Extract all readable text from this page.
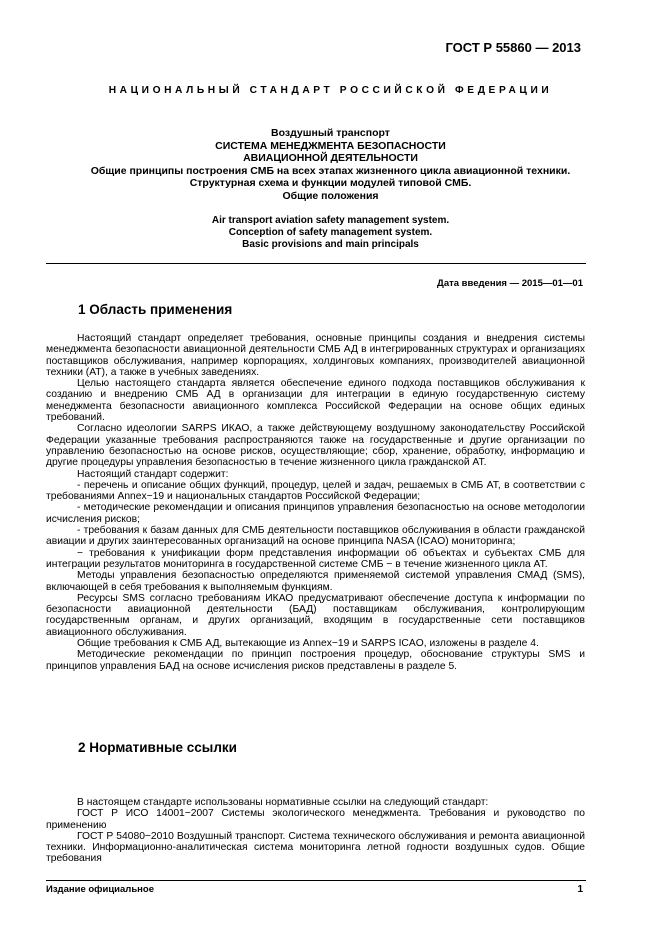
ГОСТ Р 55860 — 2013
НАЦИОНАЛЬНЫЙ СТАНДАРТ РОССИЙСКОЙ ФЕДЕРАЦИИ
Воздушный транспорт
СИСТЕМА МЕНЕДЖМЕНТА БЕЗОПАСНОСТИ
АВИАЦИОННОЙ ДЕЯТЕЛЬНОСТИ
Общие принципы построения СМБ на всех этапах жизненного цикла авиационной техники.
Структурная схема и функции модулей типовой СМБ.
Общие положения
Air transport aviation safety management system.
Conception of safety management system.
Basic provisions and main principals
Дата введения — 2015—01—01
1 Область применения

Настоящий стандарт определяет требования, основные принципы создания и внедрения системы менеджмента безопасности авиационной деятельности СМБ АД в интегрированных структурах и организациях поставщиков обслуживания, например корпорациях, холдинговых компаниях, производителей авиационной техники (АТ), а также в учебных заведениях.

Целью настоящего стандарта является обеспечение единого подхода поставщиков обслуживания к созданию и внедрению СМБ АД в организации для интеграции в единую государственную систему менеджмента безопасности авиационного комплекса Российской Федерации на основе общих единых требований.

Согласно идеологии SARPS ИКАО, а также действующему воздушному законодательству Российской Федерации указанные требования распространяются также на государственные и другие организации по управлению безопасностью на основе рисков, осуществляющие; сбор, хранение, обработку, информацию и другие процедуры управления безопасностью в течение жизненного цикла гражданской АТ.

Настоящий стандарт содержит:

- перечень и описание общих функций, процедур, целей и задач, решаемых в СМБ АТ, в соответствии с требованиями Annex−19 и национальных стандартов Российской Федерации;

- методические рекомендации и описания принципов управления безопасностью на основе методологии исчисления рисков;

- требования к базам данных для СМБ деятельности поставщиков обслуживания в области гражданской авиации и других заинтересованных организаций на основе принципа NASA (ICAO) мониторинга;

− требования к унификации форм представления информации об объектах и субъектах СМБ для интеграции результатов мониторинга в государственной системе СМБ − в течение жизненного цикла АТ.

Методы управления безопасностью определяются применяемой системой управления СМАД (SMS), включающей в себя требования к выполняемым функциям.

Ресурсы SMS согласно требованиям ИКАО предусматривают обеспечение доступа к информации по безопасности авиационной деятельности (БАД) поставщикам обслуживания, контролирующим государственным органам, и других организаций, входящим в государственные сети поставщиков авиационного обслуживания.

Общие требования к СМБ АД, вытекающие из Annex−19 и SARPS ICAO, изложены в разделе 4.

Методические рекомендации по принцип построения процедур, обоснование структуры SMS и принципов управления БАД на основе исчисления рисков представлены в разделе 5.

2 Нормативные ссылки

В настоящем стандарте использованы нормативные ссылки на следующий стандарт:

ГОСТ Р ИСО 14001−2007 Системы экологического менеджмента. Требования и руководство по применению

ГОСТ Р 54080−2010 Воздушный транспорт. Система технического обслуживания и ремонта авиационной техники. Информационно-аналитическая система мониторинга летной годности воздушных судов. Общие требования

Издание официальное	1
